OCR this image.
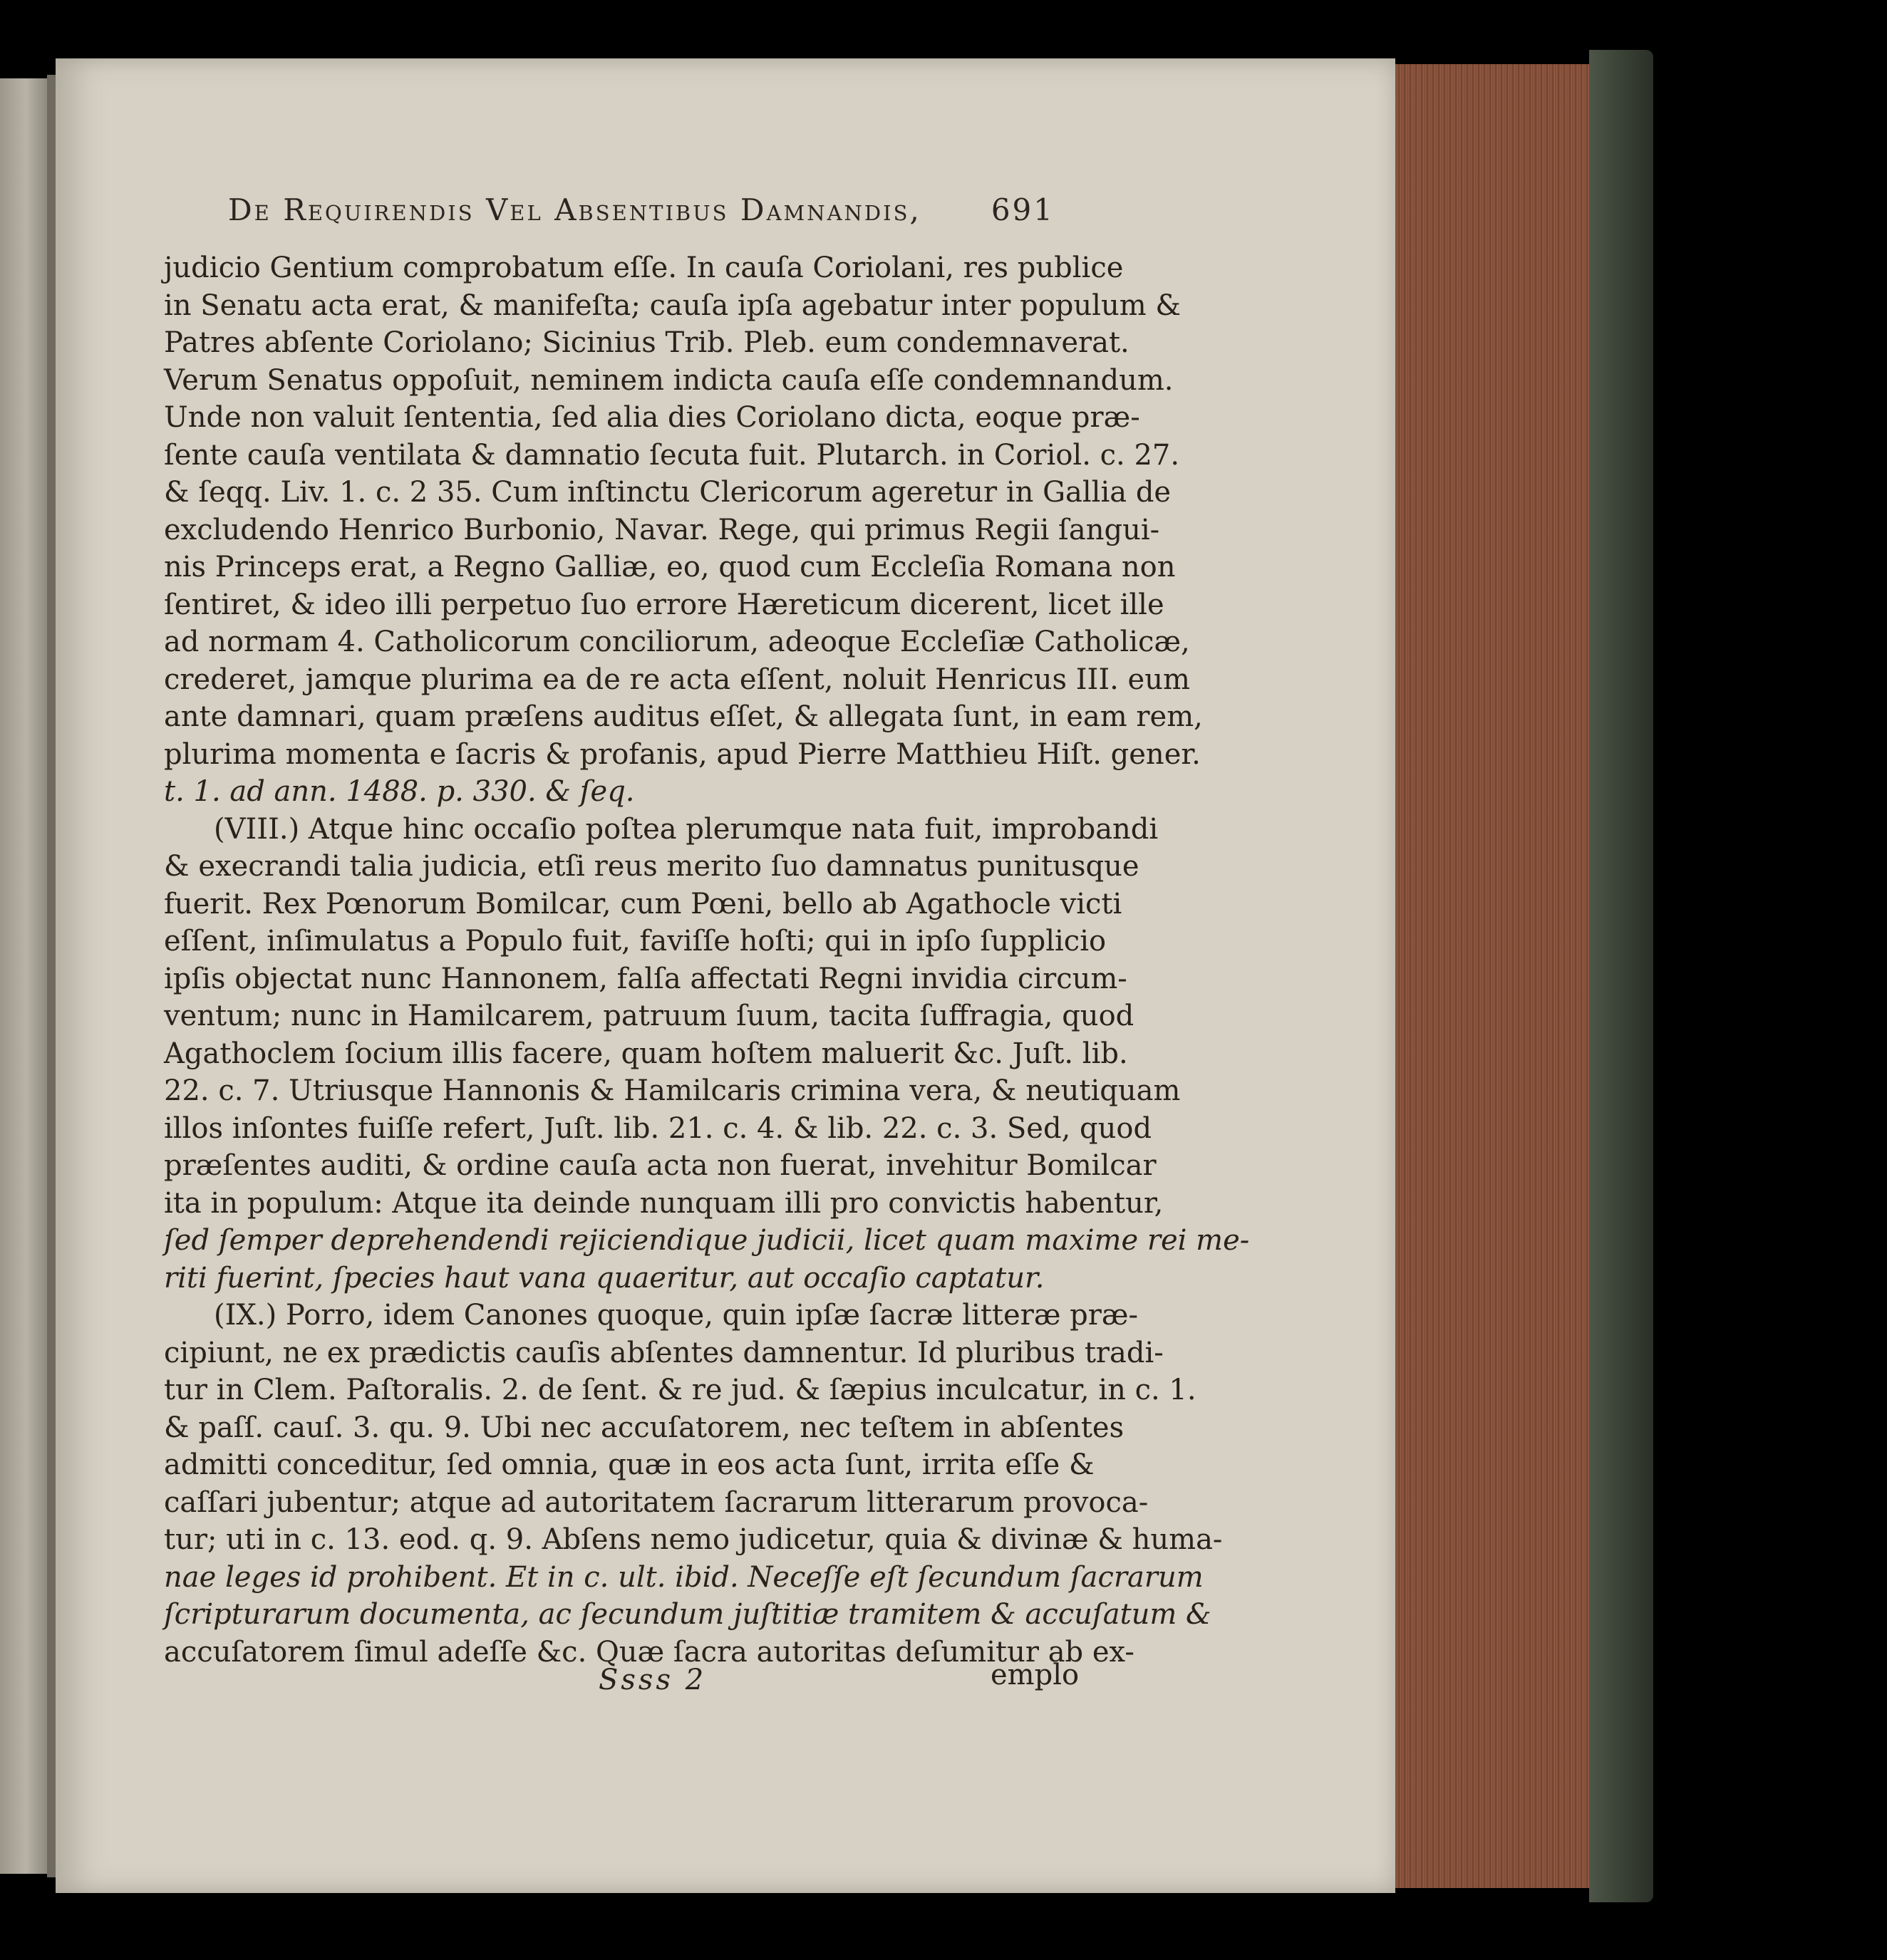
De Requirendis Vel Absentibus Damnandis, 691
judicio Gentium comprobatum eſſe. In cauſa Coriolani, res publice
in Senatu acta erat, & manifeſta; cauſa ipſa agebatur inter populum &
Patres abſente Coriolano; Sicinius Trib. Pleb. eum condemnaverat.
Verum Senatus oppoſuit, neminem indicta cauſa eſſe condemnandum.
Unde non valuit ſententia, ſed alia dies Coriolano dicta, eoque præ-
ſente cauſa ventilata & damnatio ſecuta fuit. Plutarch. in Coriol. c. 27.
& ſeqq. Liv. 1. c. 2 35. Cum inſtinctu Clericorum ageretur in Gallia de
excludendo Henrico Burbonio, Navar. Rege, qui primus Regii ſangui-
nis Princeps erat, a Regno Galliæ, eo, quod cum Eccleſia Romana non
ſentiret, & ideo illi perpetuo ſuo errore Hæreticum dicerent, licet ille
ad normam 4. Catholicorum conciliorum, adeoque Eccleſiæ Catholicæ,
crederet, jamque plurima ea de re acta eſſent, noluit Henricus III. eum
ante damnari, quam præſens auditus eſſet, & allegata ſunt, in eam rem,
plurima momenta e ſacris & profanis, apud Pierre Matthieu Hiſt. gener.
t. 1. ad ann. 1488. p. 330. & ſeq.
(VIII.) Atque hinc occaſio poſtea plerumque nata fuit, improbandi
& execrandi talia judicia, etſi reus merito ſuo damnatus punitusque
fuerit. Rex Pœnorum Bomilcar, cum Pœni, bello ab Agathocle victi
eſſent, inſimulatus a Populo fuit, faviſſe hoſti; qui in ipſo ſupplicio
ipſis objectat nunc Hannonem, falſa affectati Regni invidia circum-
ventum; nunc in Hamilcarem, patruum ſuum, tacita ſuffragia, quod
Agathoclem ſocium illis facere, quam hoſtem maluerit &c. Juſt. lib.
22. c. 7. Utriusque Hannonis & Hamilcaris crimina vera, & neutiquam
illos inſontes fuiſſe refert, Juſt. lib. 21. c. 4. & lib. 22. c. 3. Sed, quod
præſentes auditi, & ordine cauſa acta non fuerat, invehitur Bomilcar
ita in populum: Atque ita deinde nunquam illi pro convictis habentur,
ſed ſemper deprehendendi rejiciendique judicii, licet quam maxime rei me-
riti fuerint, ſpecies haut vana quaeritur, aut occaſio captatur.
(IX.) Porro, idem Canones quoque, quin ipſæ ſacræ litteræ præ-
cipiunt, ne ex prædictis cauſis abſentes damnentur. Id pluribus tradi-
tur in Clem. Paſtoralis. 2. de ſent. & re jud. & ſæpius inculcatur, in c. 1.
& paſſ. cauſ. 3. qu. 9. Ubi nec accuſatorem, nec teſtem in abſentes
admitti conceditur, ſed omnia, quæ in eos acta ſunt, irrita eſſe &
caſſari jubentur; atque ad autoritatem ſacrarum litterarum provoca-
tur; uti in c. 13. eod. q. 9. Abſens nemo judicetur, quia & divinæ & huma-
nae leges id prohibent. Et in c. ult. ibid. Neceſſe eſt ſecundum ſacrarum
ſcripturarum documenta, ac ſecundum juſtitiæ tramitem & accuſatum &
accuſatorem ſimul adeſſe &c. Quæ ſacra autoritas deſumitur ab ex-
Ssss 2	emplo
